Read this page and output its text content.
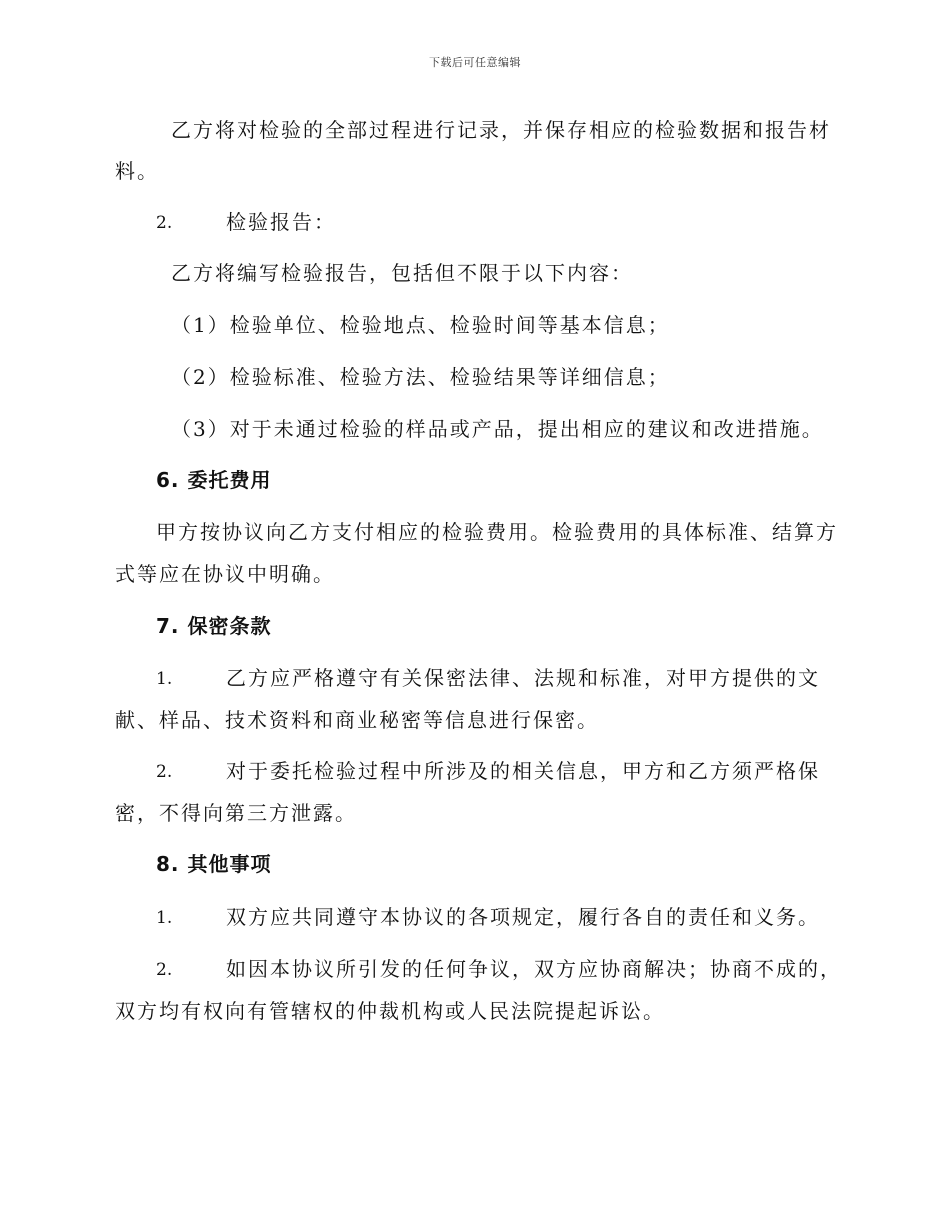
下载后可任意编辑
乙方将对检验的全部过程进行记录，并保存相应的检验数据和报告材
料。
2.	检验报告：
乙方将编写检验报告，包括但不限于以下内容：
（1）检验单位、检验地点、检验时间等基本信息；
（2）检验标准、检验方法、检验结果等详细信息；
（3）对于未通过检验的样品或产品，提出相应的建议和改进措施。
6. 委托费用
甲方按协议向乙方支付相应的检验费用。检验费用的具体标准、结算方
式等应在协议中明确。
7. 保密条款
1.	乙方应严格遵守有关保密法律、法规和标准，对甲方提供的文
献、样品、技术资料和商业秘密等信息进行保密。
2.	对于委托检验过程中所涉及的相关信息，甲方和乙方须严格保
密，不得向第三方泄露。
8. 其他事项
1.	双方应共同遵守本协议的各项规定，履行各自的责任和义务。
2.	如因本协议所引发的任何争议，双方应协商解决；协商不成的，
双方均有权向有管辖权的仲裁机构或人民法院提起诉讼。
